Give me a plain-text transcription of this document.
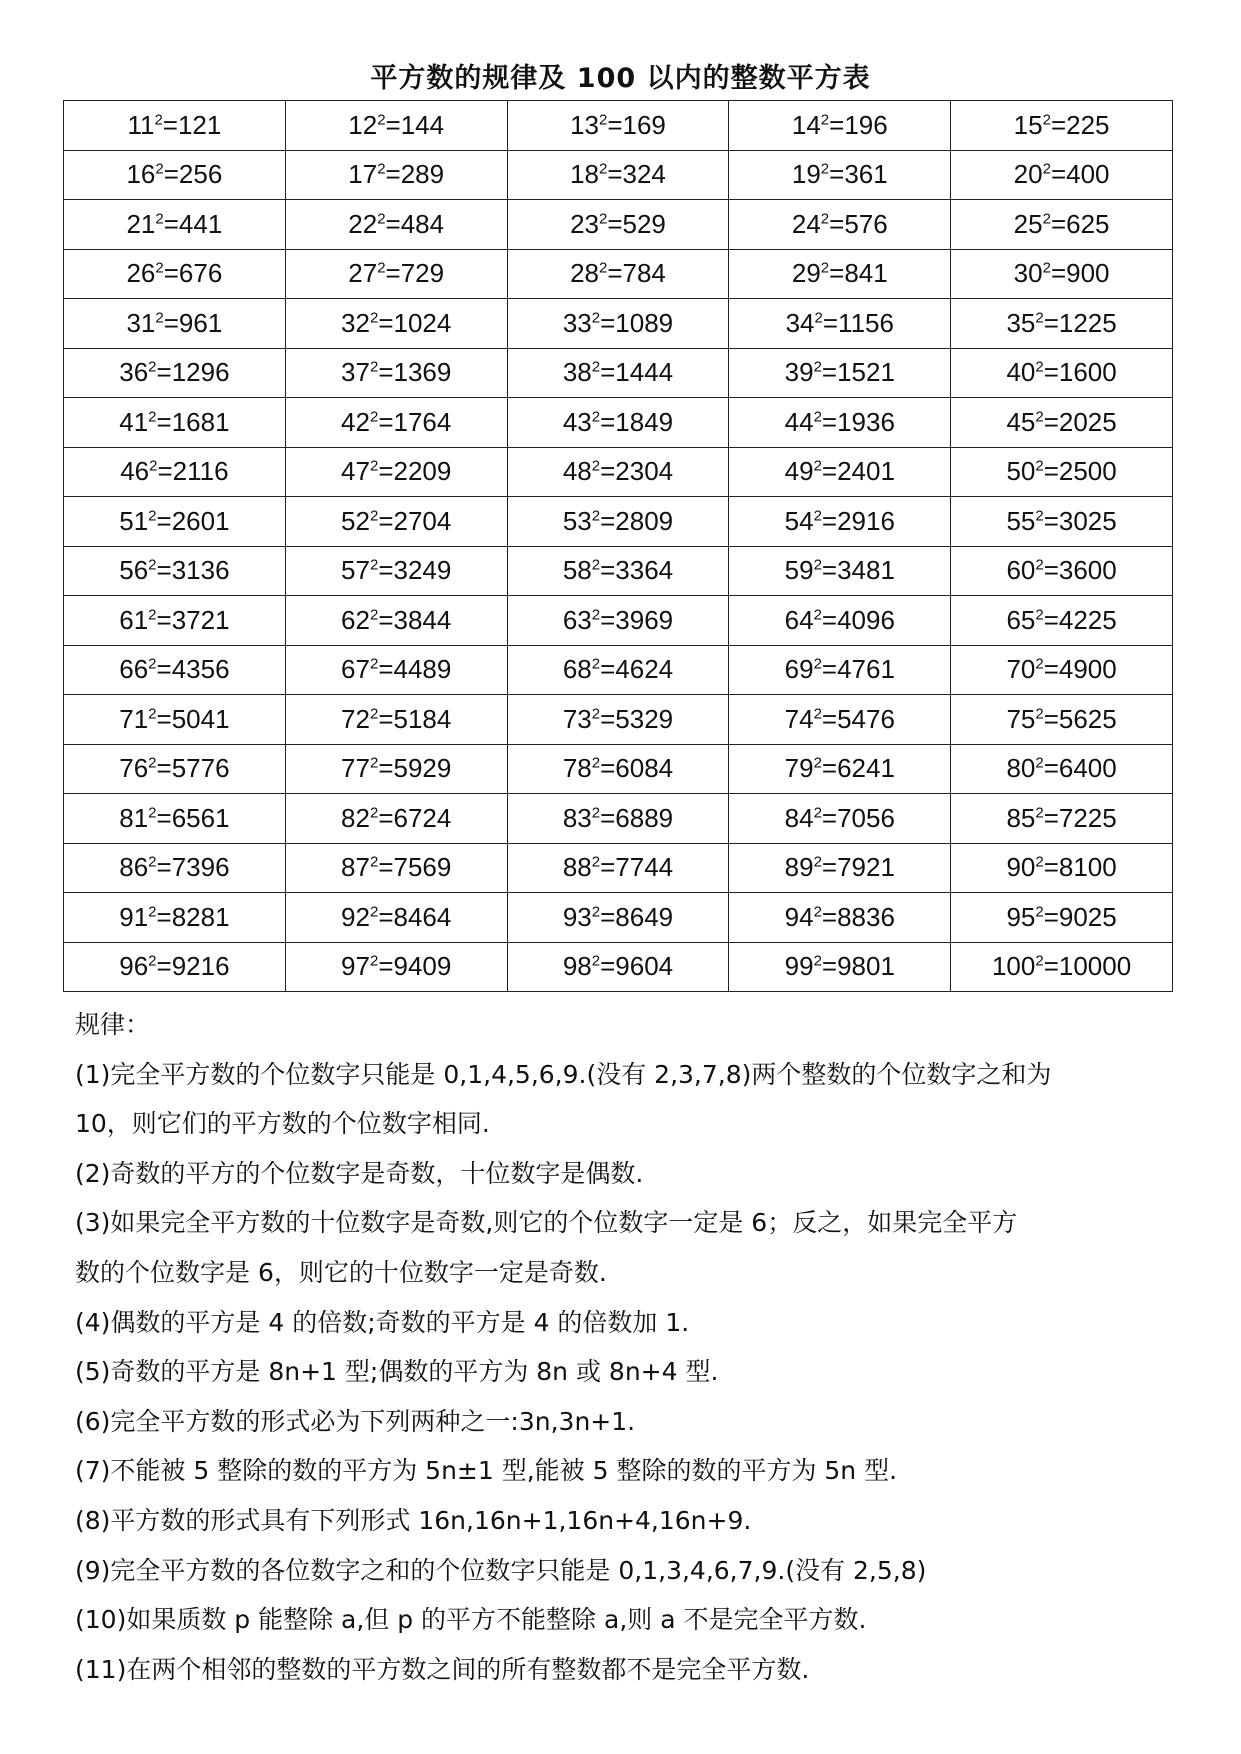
平方数的规律及 100 以内的整数平方表
$11^2=121$	$12^2=144$	$13^2=169$	$14^2=196$	$15^2=225$
$16^2=256$	$17^2=289$	$18^2=324$	$19^2=361$	$20^2=400$
$21^2=441$	$22^2=484$	$23^2=529$	$24^2=576$	$25^2=625$
$26^2=676$	$27^2=729$	$28^2=784$	$29^2=841$	$30^2=900$
$31^2=961$	$32^2=1024$	$33^2=1089$	$34^2=1156$	$35^2=1225$
$36^2=1296$	$37^2=1369$	$38^2=1444$	$39^2=1521$	$40^2=1600$
$41^2=1681$	$42^2=1764$	$43^2=1849$	$44^2=1936$	$45^2=2025$
$46^2=2116$	$47^2=2209$	$48^2=2304$	$49^2=2401$	$50^2=2500$
$51^2=2601$	$52^2=2704$	$53^2=2809$	$54^2=2916$	$55^2=3025$
$56^2=3136$	$57^2=3249$	$58^2=3364$	$59^2=3481$	$60^2=3600$
$61^2=3721$	$62^2=3844$	$63^2=3969$	$64^2=4096$	$65^2=4225$
$66^2=4356$	$67^2=4489$	$68^2=4624$	$69^2=4761$	$70^2=4900$
$71^2=5041$	$72^2=5184$	$73^2=5329$	$74^2=5476$	$75^2=5625$
$76^2=5776$	$77^2=5929$	$78^2=6084$	$79^2=6241$	$80^2=6400$
$81^2=6561$	$82^2=6724$	$83^2=6889$	$84^2=7056$	$85^2=7225$
$86^2=7396$	$87^2=7569$	$88^2=7744$	$89^2=7921$	$90^2=8100$
$91^2=8281$	$92^2=8464$	$93^2=8649$	$94^2=8836$	$95^2=9025$
$96^2=9216$	$97^2=9409$	$98^2=9604$	$99^2=9801$	$100^2=10000$
规律：
(1)完全平方数的个位数字只能是 0,1,4,5,6,9.(没有 2,3,7,8)两个整数的个位数字之和为
10，则它们的平方数的个位数字相同.
(2)奇数的平方的个位数字是奇数，十位数字是偶数.
(3)如果完全平方数的十位数字是奇数,则它的个位数字一定是 6；反之，如果完全平方
数的个位数字是 6，则它的十位数字一定是奇数.
(4)偶数的平方是 4 的倍数;奇数的平方是 4 的倍数加 1.
(5)奇数的平方是 8n+1 型;偶数的平方为 8n 或 8n+4 型.
(6)完全平方数的形式必为下列两种之一:3n,3n+1.
(7)不能被 5 整除的数的平方为 5n±1 型,能被 5 整除的数的平方为 5n 型.
(8)平方数的形式具有下列形式 16n,16n+1,16n+4,16n+9.
(9)完全平方数的各位数字之和的个位数字只能是 0,1,3,4,6,7,9.(没有 2,5,8)
(10)如果质数 p 能整除 a,但 p 的平方不能整除 a,则 a 不是完全平方数.
(11)在两个相邻的整数的平方数之间的所有整数都不是完全平方数.
